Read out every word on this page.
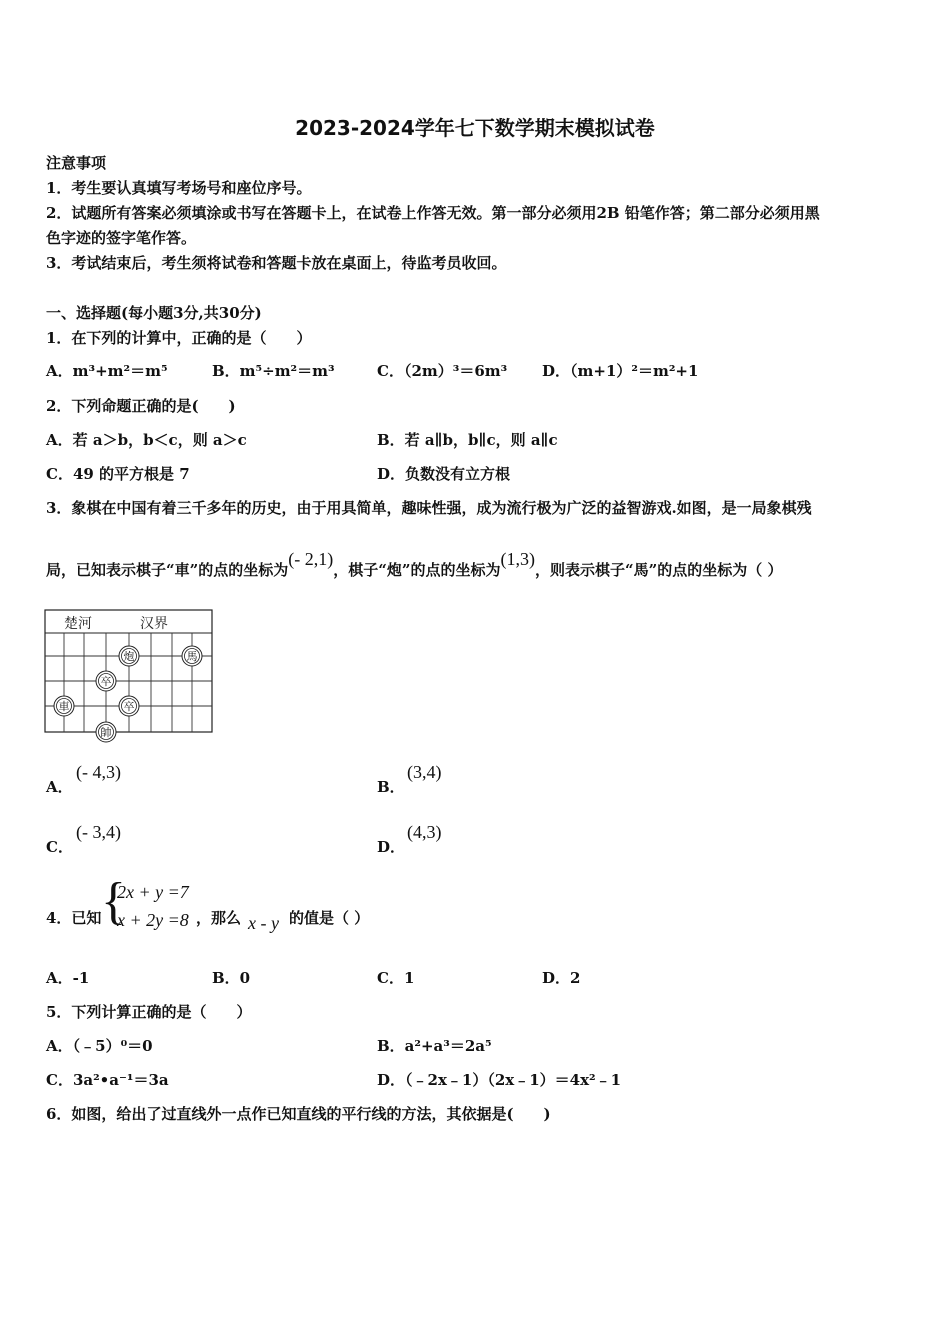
2023-2024学年七下数学期末模拟试卷
注意事项
1．考生要认真填写考场号和座位序号。
2．试题所有答案必须填涂或书写在答题卡上，在试卷上作答无效。第一部分必须用2B 铅笔作答；第二部分必须用黑
色字迹的签字笔作答。
3．考试结束后，考生须将试卷和答题卡放在桌面上，待监考员收回。
一、选择题(每小题3分,共30分)
1．在下列的计算中，正确的是（　　）
A．m³+m²＝m⁵	B．m⁵÷m²＝m³	C．（2m）³＝6m³ D．（m+1）²＝m²+1
2．下列命题正确的是(　　)
A．若 a＞b，b＜c，则 a＞c	B．若 a∥b，b∥c，则 a∥c
C．49 的平方根是 7	D．负数没有立方根
3．象棋在中国有着三千多年的历史，由于用具简单，趣味性强，成为流行极为广泛的益智游戏.如图，是一局象棋残
局，已知表示棋子“車”的点的坐标为(- 2,1)，棋子“炮”的点的坐标为(1,3)，则表示棋子“馬”的点的坐标为（ ）
楚河	汉界
炮	馬
卒
車	卒
帥
A．
(- 4,3)
B．
(3,4)
C．
(- 3,4)
D．
(4,3)
4．已知 {
2x + y =7
x + 2y =8 ，那么 x - y 的值是（ ）
A．-1	B．0	C．1	D．2
5．下列计算正确的是（　　）
A．（﹣5）⁰＝0	B．a²+a³＝2a⁵
C．3a²•a⁻¹＝3a	D．（﹣2x﹣1）（2x﹣1）＝4x²﹣1
6．如图，给出了过直线外一点作已知直线的平行线的方法，其依据是(　　)
